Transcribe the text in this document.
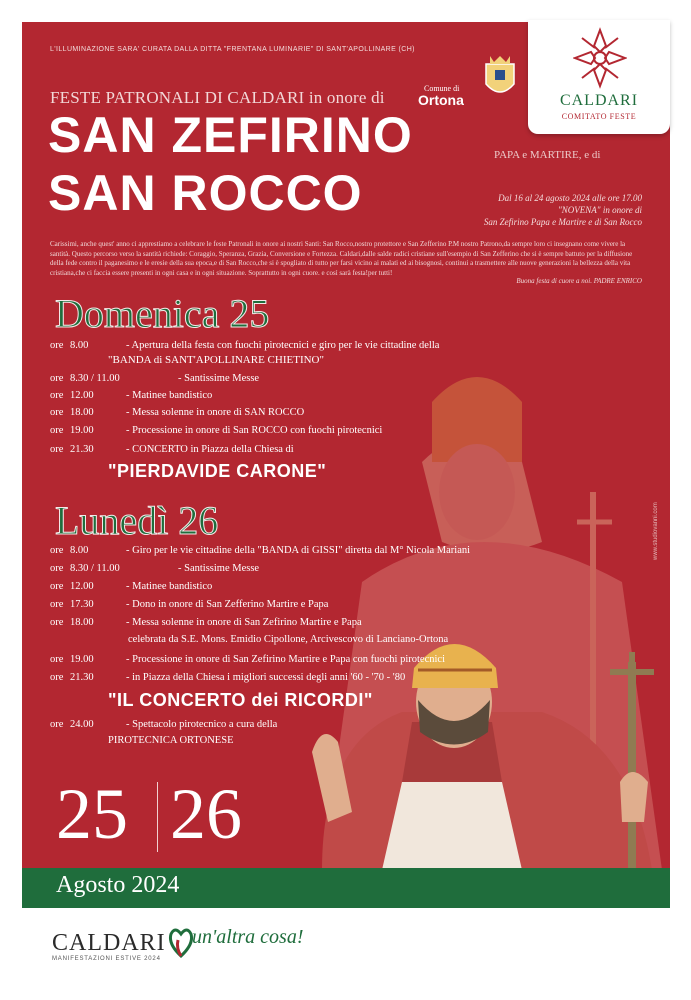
L'ILLUMINAZIONE SARA' CURATA DALLA DITTA "FRENTANA LUMINARIE" DI SANT'APOLLINARE (CH)
FESTE PATRONALI DI CALDARI in onore di
SAN ZEFIRINO	PAPA e MARTIRE, e di
SAN ROCCO	Dal 16 al 24 agosto 2024 alle ore 17.00
"NOVENA" in onore di
San Zefirino Papa e Martire e di San Rocco
Comune di
Ortona	CALDARI
COMITATO FESTE
Carissimi, anche quest' anno ci apprestiamo a celebrare le feste Patronali in onore ai nostri Santi: San Rocco,nostro protettore e San Zefferino P.M nostro Patrono,da sempre loro ci insegnano come vivere la santità. Questo percorso verso la santità richiede: Coraggio, Speranza, Grazia, Conversione e Fortezza. Caldari,dalle salde radici cristiane sull'esempio di San Zefferino che si è sempre battuto per la diffusione della fede contro il paganesimo e le eresie della sua epoca,e di San Rocco,che si è spogliato di tutto per farsi vicino ai malati ed ai bisognosi, continui a trasmettere alle nuove generazioni la bellezza della vita cristiana,che ci faccia essere presenti in ogni casa e in ogni situazione. Soprattutto in ogni cuore. e così sarà festa!per tutti!
Buona festa di cuore a noi. PADRE ENRICO
Domenica 25
ore 8.00	- Apertura della festa con fuochi pirotecnici e giro per le vie cittadine della
"BANDA di SANT'APOLLINARE CHIETINO"
ore 8.30 / 11.00	- Santissime Messe
ore 12.00	- Matinee bandistico
ore 18.00	- Messa solenne in onore di SAN ROCCO
ore 19.00	- Processione in onore di San ROCCO con fuochi pirotecnici
ore 21.30	- CONCERTO in Piazza della Chiesa di
"PIERDAVIDE CARONE"
Lunedì 26
ore 8.00	- Giro per le vie cittadine della "BANDA di GISSI" diretta dal M° Nicola Mariani
ore 8.30 / 11.00	- Santissime Messe
ore 12.00	- Matinee bandistico
ore 17.30	- Dono in onore di San Zefferino Martire e Papa
ore 18.00	- Messa solenne in onore di San Zefirino Martire e Papa
celebrata da S.E. Mons. Emidio Cipollone, Arcivescovo di Lanciano-Ortona
ore 19.00	- Processione in onore di San Zefirino Martire e Papa con fuochi pirotecnici
ore 21.30	- in Piazza della Chiesa i migliori successi degli anni '60 - '70 - '80
"IL CONCERTO dei RICORDI"
ore 24.00	- Spettacolo pirotecnico a cura della
PIROTECNICA ORTONESE
25 26
Agosto 2024
CALDARI un'altra cosa!
MANIFESTAZIONI ESTIVE 2024
www.studiovanni.com
